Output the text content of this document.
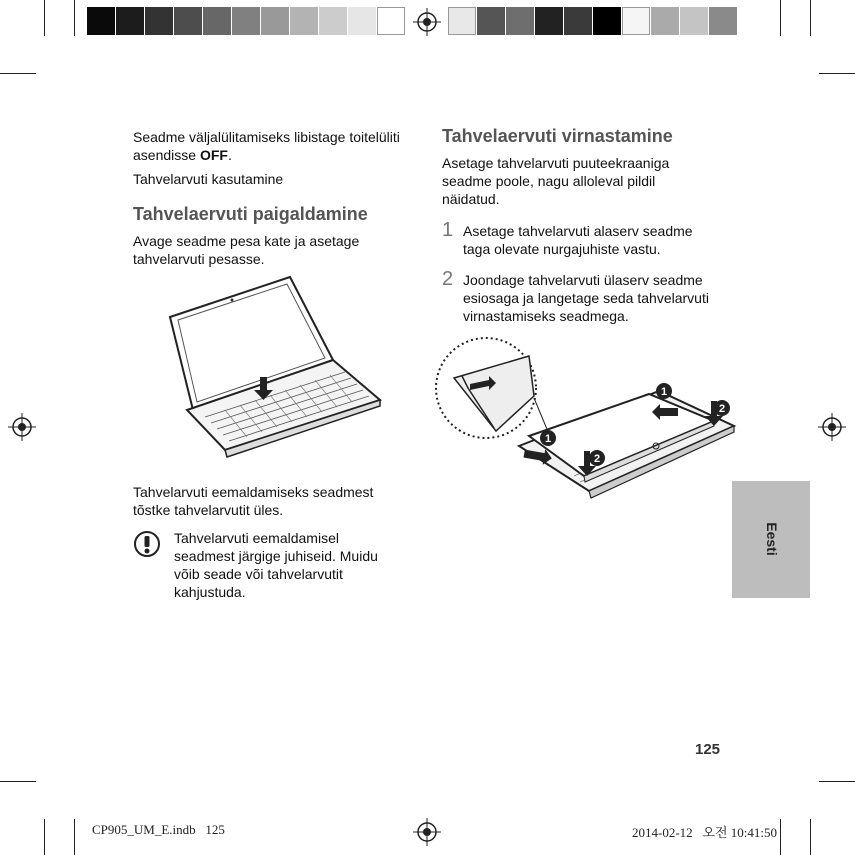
Seadme väljalülitamiseks libistage toitelüliti asendisse OFF.

Tahvelarvuti kasutamine

Tahvelaervuti paigaldamine

Avage seadme pesa kate ja asetage tahvelarvuti pesasse.

Tahvelarvuti eemaldamiseks seadmest tõstke tahvelarvutit üles.

Tahvelarvuti eemaldamisel seadmest järgige juhiseid. Muidu võib seade või tahvelarvutit kahjustuda.

Tahvelaervuti virnastamine

Asetage tahvelarvuti puuteekraaniga seadme poole, nagu alloleval pildil näidatud.

1 Asetage tahvelarvuti alaserv seadme taga olevate nurgajuhiste vastu.

2 Joondage tahvelarvuti ülaserv seadme esiosaga ja langetage seda tahvelarvuti virnastamiseks seadmega.

1
2
1
2
Eesti
125
CP905_UM_E.indb   125	2014-02-12   오전 10:41:50
